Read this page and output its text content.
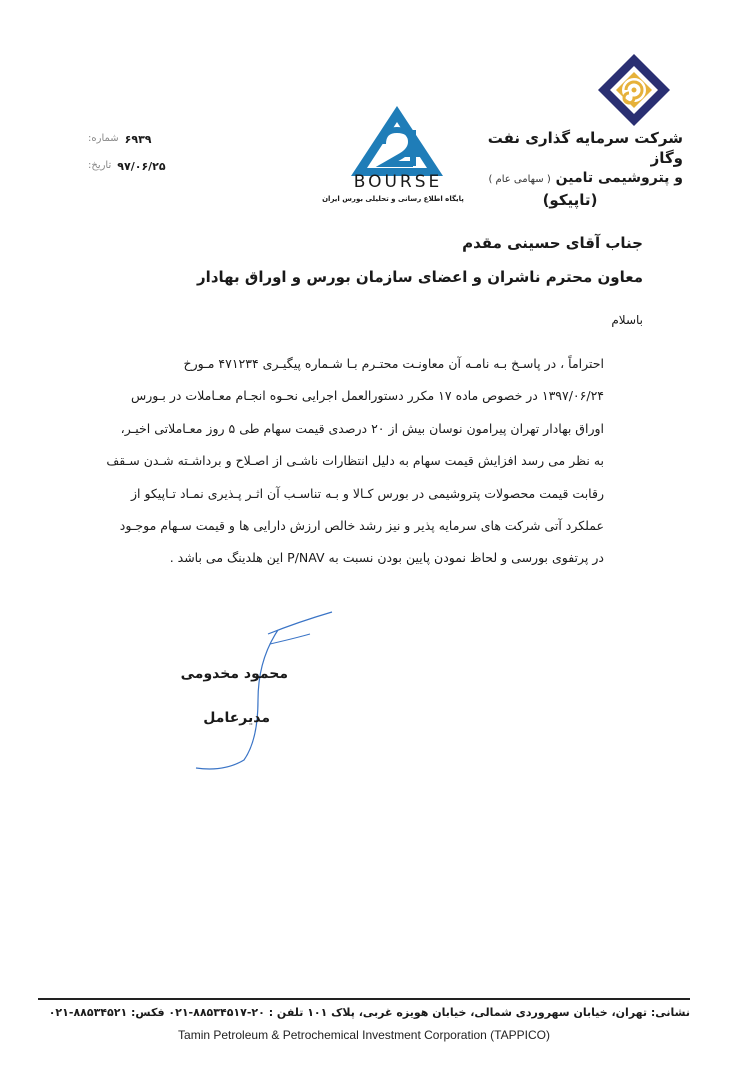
شرکت سرمایه گذاری نفت وگاز
و پتروشیمی تامین ( سهامی عام )
(تاپیکو)
BOURSE
پایگاه اطلاع رسانی و تحلیلی بورس ایران
شماره: ۶۹۳۹
تاریخ: ۹۷/۰۶/۲۵
جناب آقای حسینی مقدم
معاون محترم ناشران و اعضای سازمان بورس و اوراق بهادار
باسلام

احتراماً ، در پاسـخ بـه نامـه آن معاونـت محتـرم بـا شـماره پیگیـری ۴۷۱۲۳۴ مـورخ

۱۳۹۷/۰۶/۲۴ در خصوص ماده ۱۷ مکرر دستورالعمل اجرایی نحـوه انجـام معـاملات در بـورس

اوراق بهادار تهران پیرامون نوسان بیش از ۲۰ درصدی قیمت سهام طی ۵ روز معـاملاتی اخیـر،

به نظر می رسد افزایش قیمت سهام به دلیل انتظارات ناشـی از اصـلاح و برداشـته شـدن سـقف

رقابت قیمت محصولات پتروشیمی در بورس کـالا و بـه تناسـب آن اثـر پـذیری نمـاد تـاپیکو از

عملکرد آتی شرکت های سرمایه پذیر و نیز رشد خالص ارزش دارایی ها و قیمت سـهام موجـود

در پرتفوی بورسی و لحاظ نمودن پایین بودن نسبت به P/NAV این هلدینگ می باشد .

محمود مخدومی
مدیرعامل
نشانی: تهران، خیابان سهروردی شمالی، خیابان هویزه غربی، پلاک ۱۰۱ تلفن : ۲۰-۸۸۵۳۴۵۱۷-۰۲۱ فکس: ۸۸۵۳۴۵۲۱-۰۲۱
Tamin Petroleum & Petrochemical Investment Corporation (TAPPICO)
